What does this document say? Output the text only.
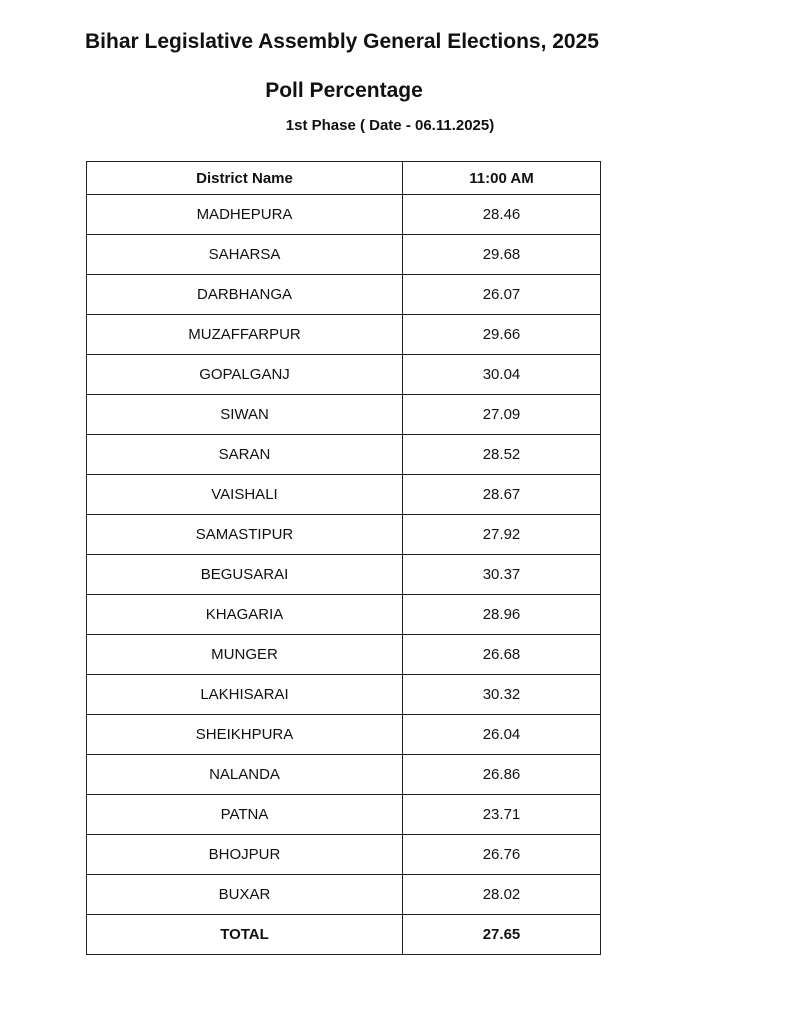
Bihar Legislative Assembly General Elections, 2025
Poll Percentage
1st Phase ( Date - 06.11.2025)
District Name	11:00 AM
MADHEPURA	28.46
SAHARSA	29.68
DARBHANGA	26.07
MUZAFFARPUR	29.66
GOPALGANJ	30.04
SIWAN	27.09
SARAN	28.52
VAISHALI	28.67
SAMASTIPUR	27.92
BEGUSARAI	30.37
KHAGARIA	28.96
MUNGER	26.68
LAKHISARAI	30.32
SHEIKHPURA	26.04
NALANDA	26.86
PATNA	23.71
BHOJPUR	26.76
BUXAR	28.02
TOTAL	27.65
